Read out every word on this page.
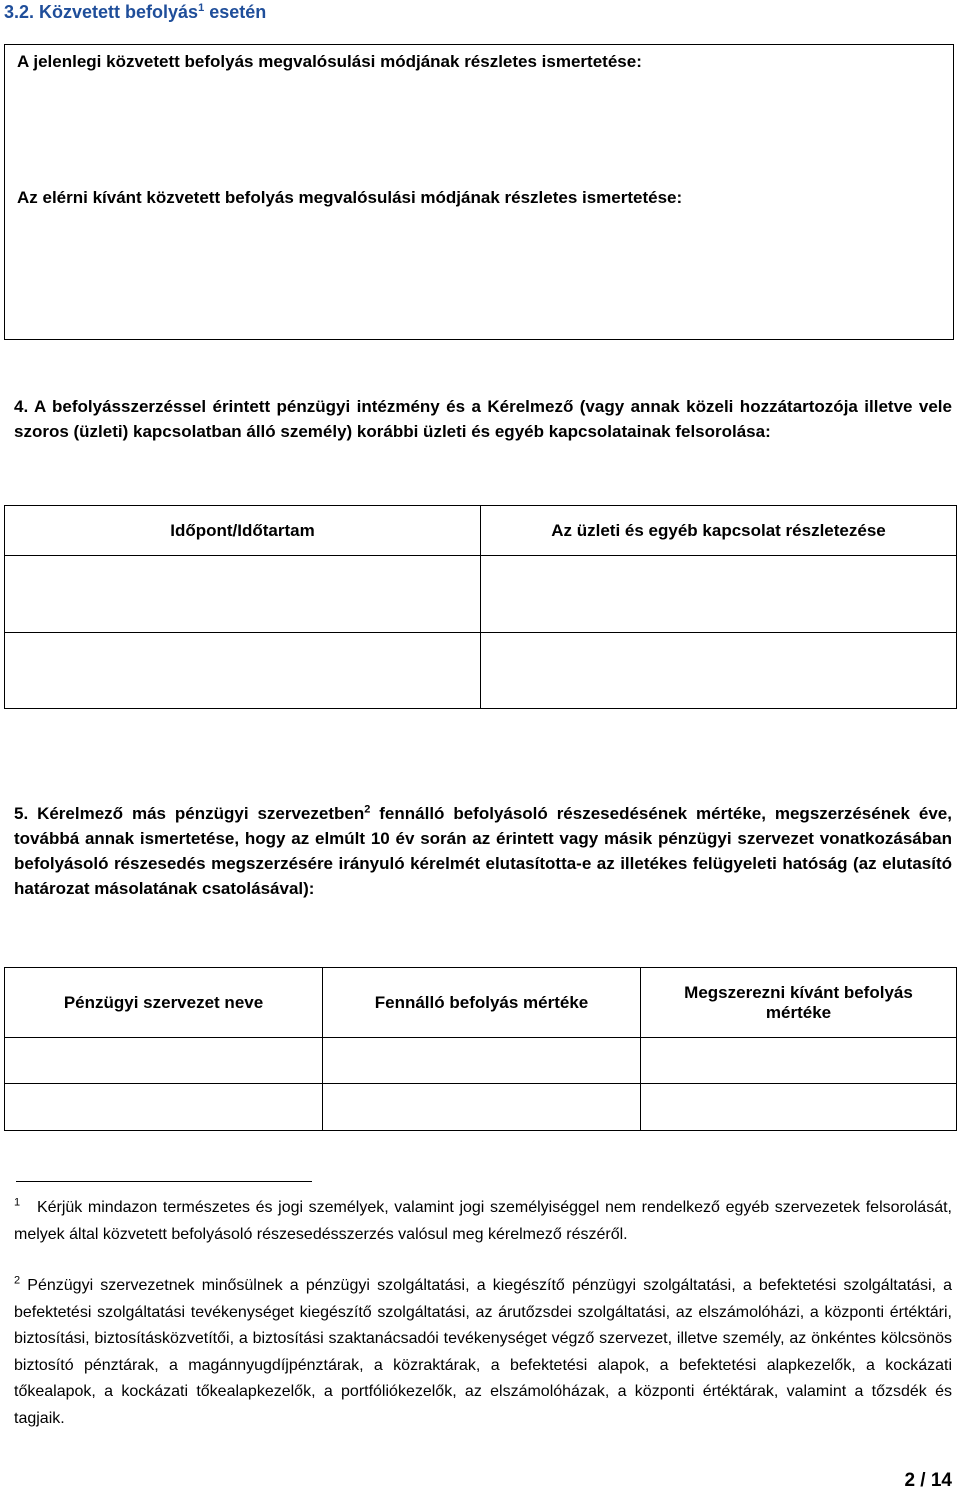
3.2. Közvetett befolyás$^1$ esetén
A jelenlegi közvetett befolyás megvalósulási módjának részletes ismertetése:
Az elérni kívánt közvetett befolyás megvalósulási módjának részletes ismertetése:
4. A befolyásszerzéssel érintett pénzügyi intézmény és a Kérelmező (vagy annak közeli hozzátartozója illetve vele szoros (üzleti) kapcsolatban álló személy) korábbi üzleti és egyéb kapcsolatainak felsorolása:
Időpont/Időtartam	Az üzleti és egyéb kapcsolat részletezése

5. Kérelmező más pénzügyi szervezetben$^2$ fennálló befolyásoló részesedésének mértéke, megszerzésének éve, továbbá annak ismertetése, hogy az elmúlt 10 év során az érintett vagy másik pénzügyi szervezet vonatkozásában befolyásoló részesedés megszerzésére irányuló kérelmét elutasította-e az illetékes felügyeleti hatóság (az elutasító határozat másolatának csatolásával):
Pénzügyi szervezet neve	Fennálló befolyás mértéke	Megszerezni kívánt befolyás mértéke

$^1$ Kérjük mindazon természetes és jogi személyek, valamint jogi személyiséggel nem rendelkező egyéb szervezetek felsorolását, melyek által közvetett befolyásoló részesedésszerzés valósul meg kérelmező részéről.
$^2$ Pénzügyi szervezetnek minősülnek a pénzügyi szolgáltatási, a kiegészítő pénzügyi szolgáltatási, a befektetési szolgáltatási, a befektetési szolgáltatási tevékenységet kiegészítő szolgáltatási, az árutőzsdei szolgáltatási, az elszámolóházi, a központi értéktári, biztosítási, biztosításközvetítői, a biztosítási szaktanácsadói tevékenységet végző szervezet, illetve személy, az önkéntes kölcsönös biztosító pénztárak, a magánnyugdíjpénztárak, a közraktárak, a befektetési alapok, a befektetési alapkezelők, a kockázati tőkealapok, a kockázati tőkealapkezelők, a portfóliókezelők, az elszámolóházak, a központi értéktárak, valamint a tőzsdék és tagjaik.
2 / 14
